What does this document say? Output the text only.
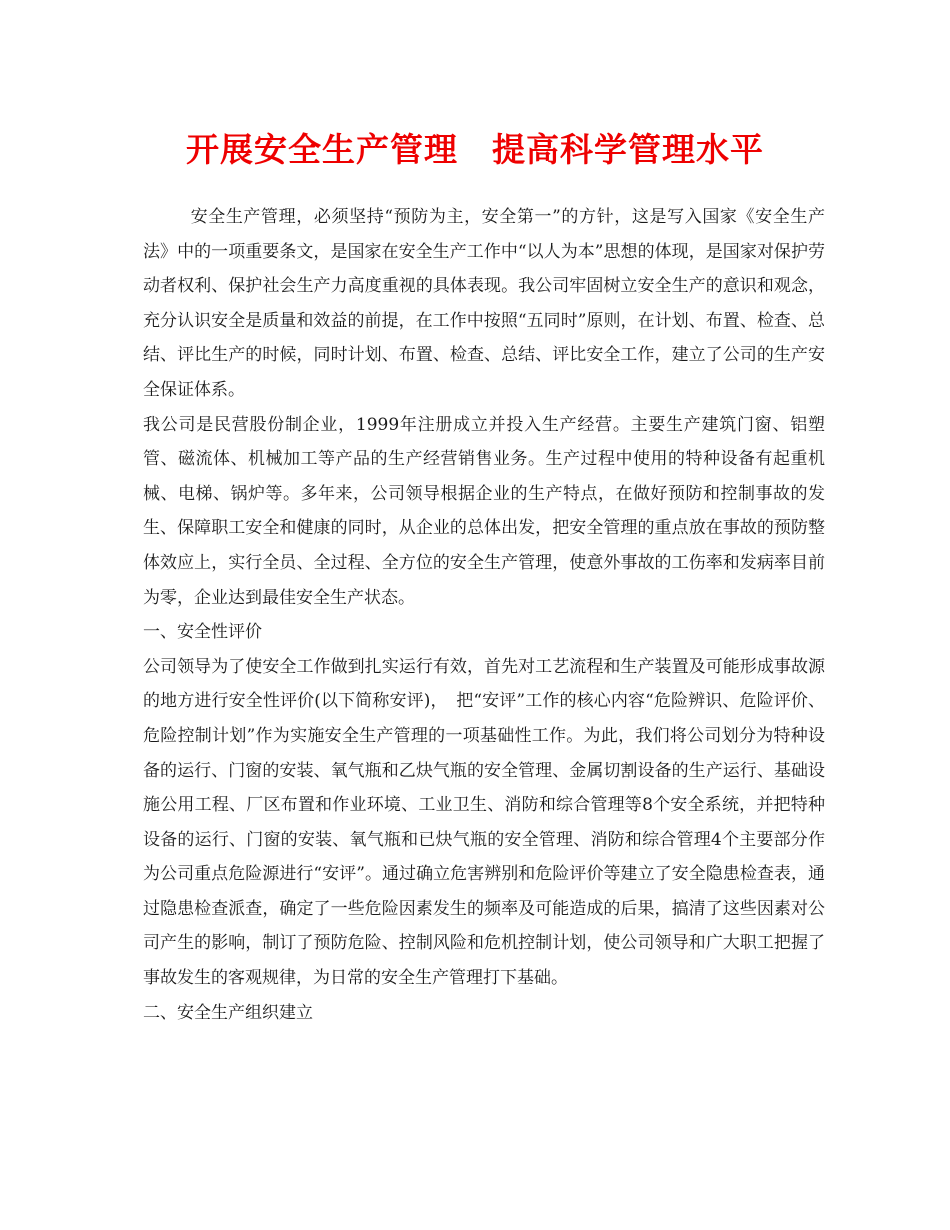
开展安全生产管理　提高科学管理水平

安全生产管理，必须坚持“预防为主，安全第一”的方针，这是写入国家《安全生产法》中的一项重要条文，是国家在安全生产工作中“以人为本”思想的体现，是国家对保护劳动者权利、保护社会生产力高度重视的具体表现。我公司牢固树立安全生产的意识和观念，充分认识安全是质量和效益的前提，在工作中按照“五同时”原则，在计划、布置、检查、总结、评比生产的时候，同时计划、布置、检查、总结、评比安全工作，建立了公司的生产安全保证体系。

我公司是民营股份制企业，1999年注册成立并投入生产经营。主要生产建筑门窗、铝塑管、磁流体、机械加工等产品的生产经营销售业务。生产过程中使用的特种设备有起重机械、电梯、锅炉等。多年来，公司领导根据企业的生产特点，在做好预防和控制事故的发生、保障职工安全和健康的同时，从企业的总体出发，把安全管理的重点放在事故的预防整体效应上，实行全员、全过程、全方位的安全生产管理，使意外事故的工伤率和发病率目前为零，企业达到最佳安全生产状态。

一、安全性评价

公司领导为了使安全工作做到扎实运行有效，首先对工艺流程和生产装置及可能形成事故源的地方进行安全性评价(以下简称安评)，　把“安评”工作的核心内容“危险辨识、危险评价、危险控制计划”作为实施安全生产管理的一项基础性工作。为此，我们将公司划分为特种设备的运行、门窗的安装、氧气瓶和乙炔气瓶的安全管理、金属切割设备的生产运行、基础设施公用工程、厂区布置和作业环境、工业卫生、消防和综合管理等8个安全系统，并把特种设备的运行、门窗的安装、氧气瓶和已炔气瓶的安全管理、消防和综合管理4个主要部分作为公司重点危险源进行“安评”。通过确立危害辨别和危险评价等建立了安全隐患检查表，通过隐患检查派查，确定了一些危险因素发生的频率及可能造成的后果，搞清了这些因素对公司产生的影响，制订了预防危险、控制风险和危机控制计划，使公司领导和广大职工把握了事故发生的客观规律，为日常的安全生产管理打下基础。

二、安全生产组织建立
